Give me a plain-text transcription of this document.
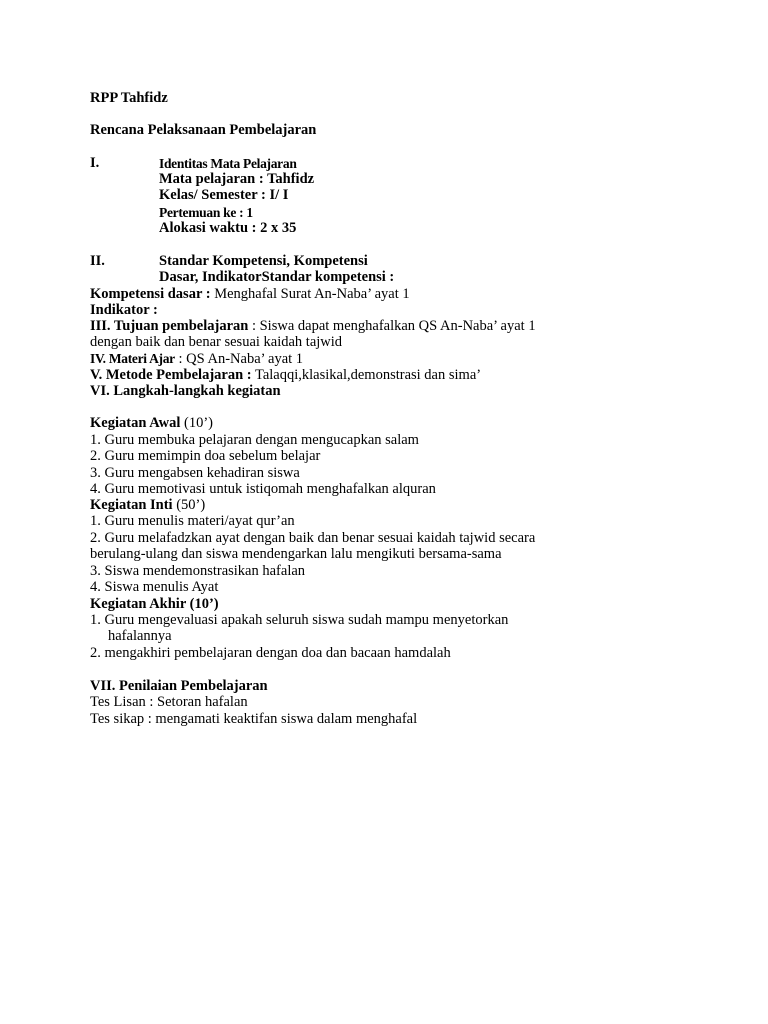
RPP Tahfidz
Rencana Pelaksanaan Pembelajaran
I.	Identitas Mata Pelajaran
Mata pelajaran : Tahfidz
Kelas/ Semester : I/ I
Pertemuan ke : 1
Alokasi waktu : 2 x 35
II.	Standar Kompetensi, Kompetensi
Dasar, IndikatorStandar kompetensi :
Kompetensi dasar : Menghafal Surat An-Naba’ ayat 1
Indikator :
III. Tujuan pembelajaran : Siswa dapat menghafalkan QS An-Naba’ ayat 1
dengan baik dan benar sesuai kaidah tajwid
IV. Materi Ajar : QS An-Naba’ ayat 1
V. Metode Pembelajaran : Talaqqi,klasikal,demonstrasi dan sima’
VI. Langkah-langkah kegiatan
Kegiatan Awal (10’)
1. Guru membuka pelajaran dengan mengucapkan salam
2. Guru memimpin doa sebelum belajar
3. Guru mengabsen kehadiran siswa
4. Guru memotivasi untuk istiqomah menghafalkan alquran
Kegiatan Inti (50’)
1. Guru menulis materi/ayat qur’an
2. Guru melafadzkan ayat dengan baik dan benar sesuai kaidah tajwid secara
berulang-ulang dan siswa mendengarkan lalu mengikuti bersama-sama
3. Siswa mendemonstrasikan hafalan
4. Siswa menulis Ayat
Kegiatan Akhir (10’)
1. Guru mengevaluasi apakah seluruh siswa sudah mampu menyetorkan
hafalannya
2. mengakhiri pembelajaran dengan doa dan bacaan hamdalah
VII. Penilaian Pembelajaran
Tes Lisan : Setoran hafalan
Tes sikap : mengamati keaktifan siswa dalam menghafal
